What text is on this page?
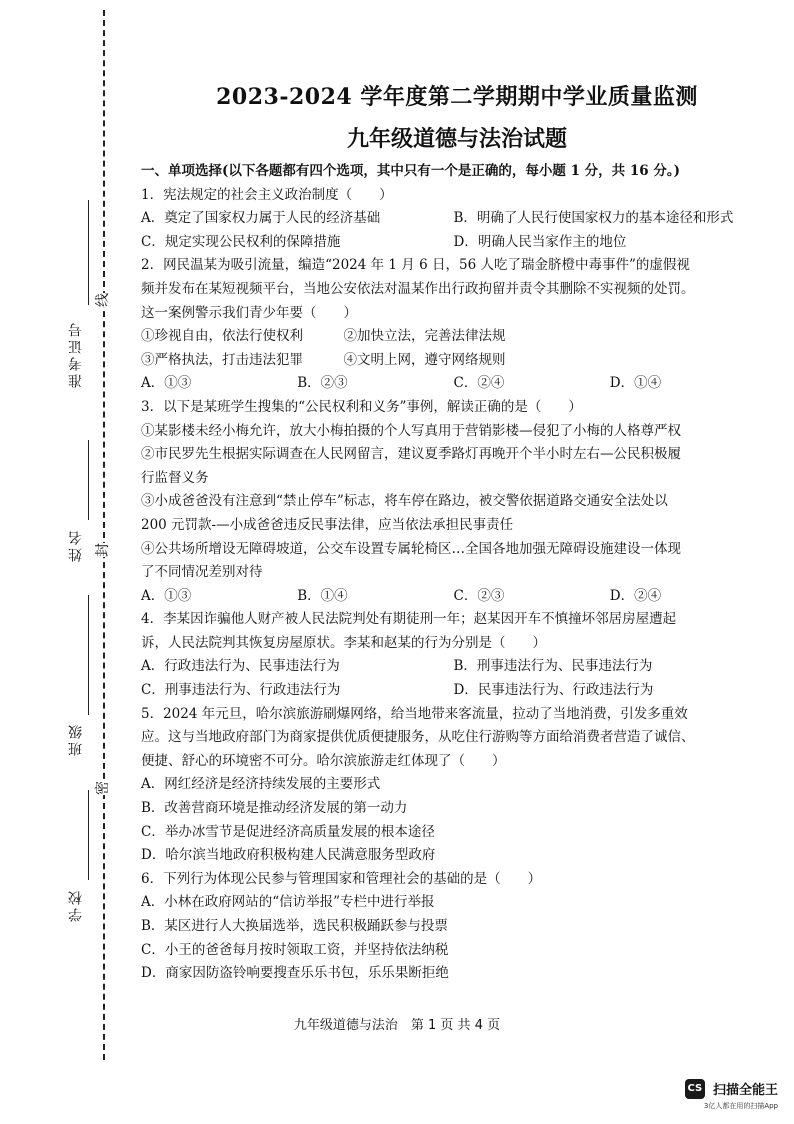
准考证号
姓名
班级
学校
线
封
密
2023-2024 学年度第二学期期中学业质量监测
九年级道德与法治试题
一、单项选择(以下各题都有四个选项，其中只有一个是正确的，每小题 1 分，共 16 分。)
1．宪法规定的社会主义政治制度（　　）
A．奠定了国家权力属于人民的经济基础	B．明确了人民行使国家权力的基本途径和形式
C．规定实现公民权利的保障措施	D．明确人民当家作主的地位
2．网民温某为吸引流量，编造“2024 年 1 月 6 日，56 人吃了瑞金脐橙中毒事件”的虚假视
频并发布在某短视频平台，当地公安依法对温某作出行政拘留并责令其删除不实视频的处罚。
这一案例警示我们青少年要（　　）
①珍视自由，依法行使权利　　　②加快立法，完善法律法规
③严格执法，打击违法犯罪　　　④文明上网，遵守网络规则
A．①③	B．②③	C．②④	D．①④
3．以下是某班学生搜集的“公民权利和义务”事例，解读正确的是（　　）
①某影楼未经小梅允许，放大小梅拍摄的个人写真用于营销影楼—侵犯了小梅的人格尊严权
②市民罗先生根据实际调查在人民网留言，建议夏季路灯再晚开个半小时左右—公民积极履
行监督义务
③小成爸爸没有注意到“禁止停车”标志，将车停在路边，被交警依据道路交通安全法处以
200 元罚款-—小成爸爸违反民事法律，应当依法承担民事责任
④公共场所增设无障碍坡道，公交车设置专属轮椅区…全国各地加强无障碍设施建设一体现
了不同情况差别对待
A．①③	B．①④	C．②③	D．②④
4．李某因诈骗他人财产被人民法院判处有期徒刑一年；赵某因开车不慎撞坏邻居房屋遭起
诉，人民法院判其恢复房屋原状。李某和赵某的行为分别是（　　）
A．行政违法行为、民事违法行为	B．刑事违法行为、民事违法行为
C．刑事违法行为、行政违法行为	D．民事违法行为、行政违法行为
5．2024 年元旦，哈尔滨旅游刷爆网络，给当地带来客流量，拉动了当地消费，引发多重效
应。这与当地政府部门为商家提供优质便捷服务，从吃住行游购等方面给消费者营造了诚信、
便捷、舒心的环境密不可分。哈尔滨旅游走红体现了（　　）
A．网红经济是经济持续发展的主要形式
B．改善营商环境是推动经济发展的第一动力
C．举办冰雪节是促进经济高质量发展的根本途径
D．哈尔滨当地政府积极构建人民满意服务型政府
6．下列行为体现公民参与管理国家和管理社会的基础的是（　　）
A．小林在政府网站的“信访举报”专栏中进行举报
B．某区进行人大换届选举，选民积极踊跃参与投票
C．小王的爸爸每月按时领取工资，并坚持依法纳税
D．商家因防盗铃响要搜查乐乐书包，乐乐果断拒绝
九年级道德与法治　第 1 页 共 4 页
CS 扫描全能王
3亿人都在用的扫描App
